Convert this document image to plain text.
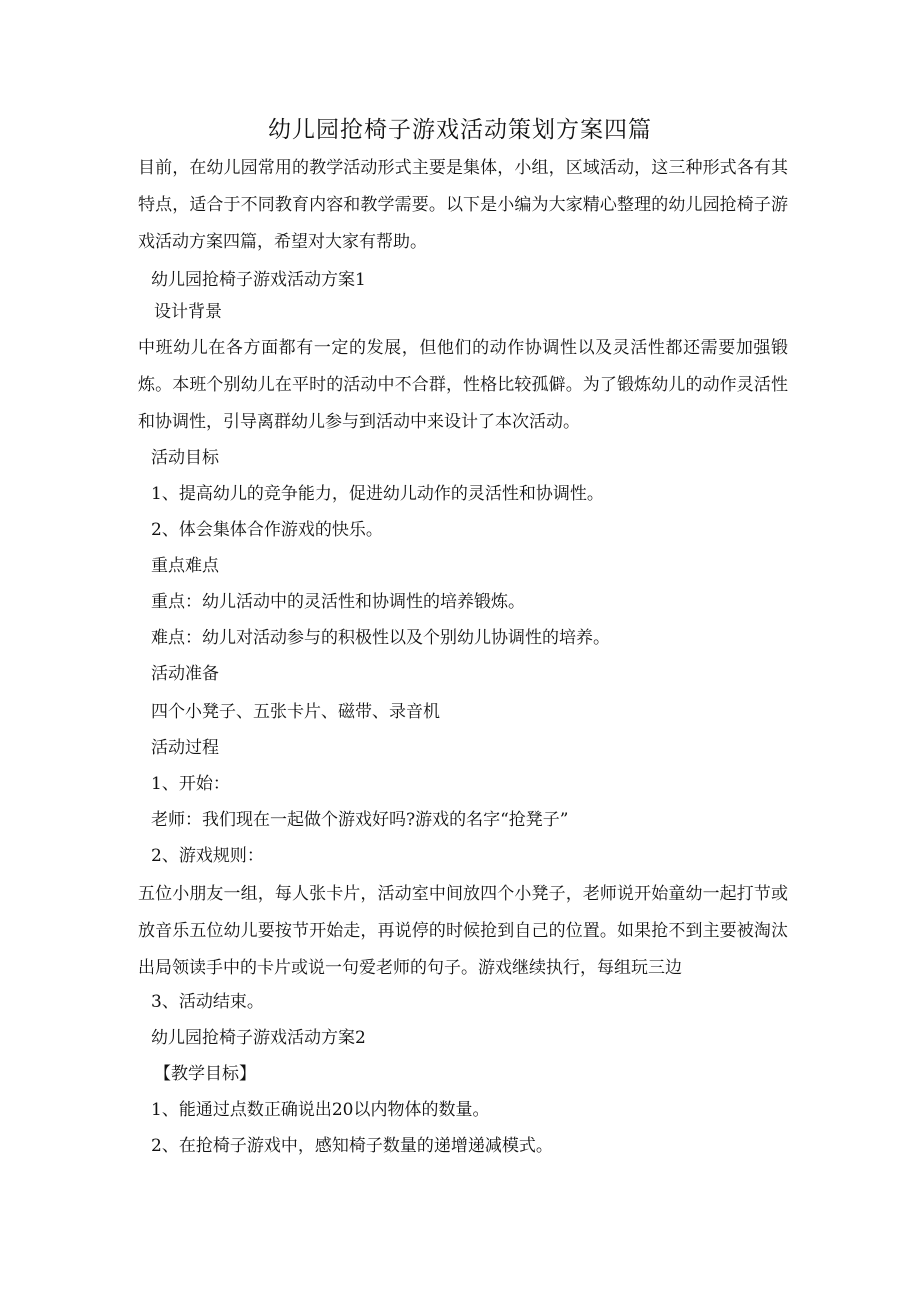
幼儿园抢椅子游戏活动策划方案四篇
目前，在幼儿园常用的教学活动形式主要是集体，小组，区域活动，这三种形式各有其特点，适合于不同教育内容和教学需要。以下是小编为大家精心整理的幼儿园抢椅子游戏活动方案四篇，希望对大家有帮助。
幼儿园抢椅子游戏活动方案1
设计背景
中班幼儿在各方面都有一定的发展，但他们的动作协调性以及灵活性都还需要加强锻炼。本班个别幼儿在平时的活动中不合群，性格比较孤僻。为了锻炼幼儿的动作灵活性和协调性，引导离群幼儿参与到活动中来设计了本次活动。
活动目标
1、提高幼儿的竞争能力，促进幼儿动作的灵活性和协调性。
2、体会集体合作游戏的快乐。
重点难点
重点：幼儿活动中的灵活性和协调性的培养锻炼。
难点：幼儿对活动参与的积极性以及个别幼儿协调性的培养。
活动准备
四个小凳子、五张卡片、磁带、录音机
活动过程
1、开始：
老师：我们现在一起做个游戏好吗?游戏的名字“抢凳子”
2、游戏规则：
五位小朋友一组，每人张卡片，活动室中间放四个小凳子，老师说开始童幼一起打节或放音乐五位幼儿要按节开始走，再说停的时候抢到自己的位置。如果抢不到主要被淘汰出局领读手中的卡片或说一句爱老师的句子。游戏继续执行，每组玩三边
3、活动结束。
幼儿园抢椅子游戏活动方案2
【教学目标】
1、能通过点数正确说出20以内物体的数量。
2、在抢椅子游戏中，感知椅子数量的递增递减模式。
